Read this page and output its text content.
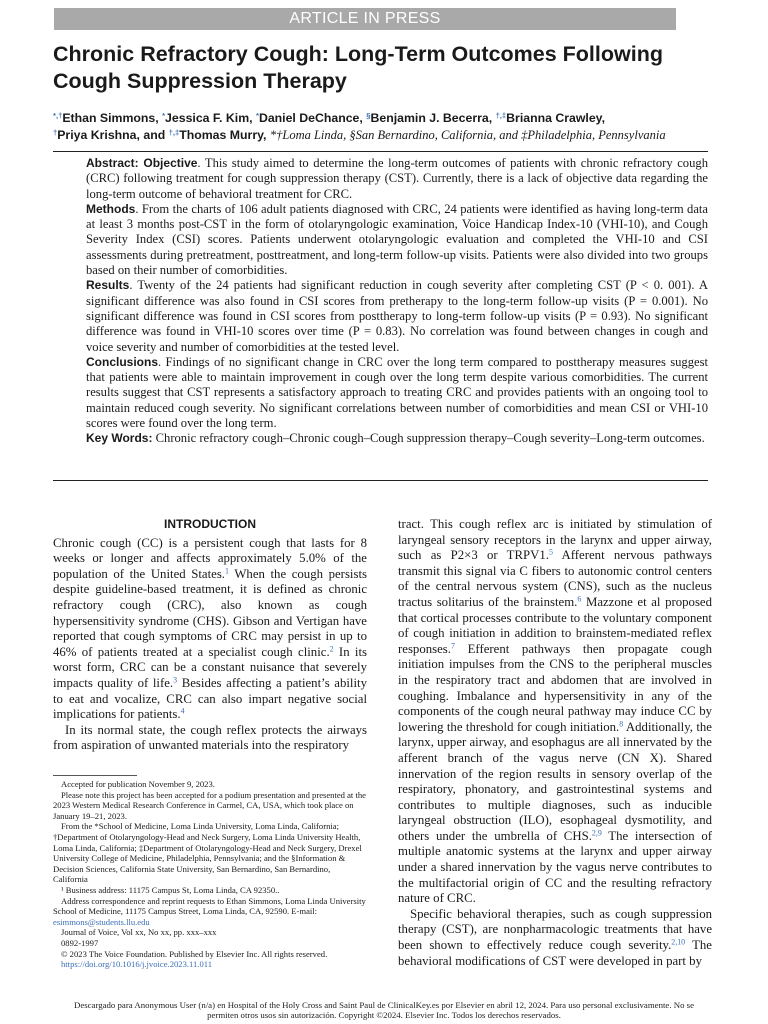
ARTICLE IN PRESS
Chronic Refractory Cough: Long-Term Outcomes Following Cough Suppression Therapy
*,†Ethan Simmons, *Jessica F. Kim, *Daniel DeChance, §Benjamin J. Becerra, †,‡Brianna Crawley,
†Priya Krishna, and †,‡Thomas Murry, *†Loma Linda, §San Bernardino, California, and ‡Philadelphia, Pennsylvania

Abstract: Objective. This study aimed to determine the long-term outcomes of patients with chronic refractory cough (CRC) following treatment for cough suppression therapy (CST). Currently, there is a lack of objective data regarding the long-term outcome of behavioral treatment for CRC.

Methods. From the charts of 106 adult patients diagnosed with CRC, 24 patients were identified as having long-term data at least 3 months post-CST in the form of otolaryngologic examination, Voice Handicap Index-10 (VHI-10), and Cough Severity Index (CSI) scores. Patients underwent otolaryngologic evaluation and completed the VHI-10 and CSI assessments during pretreatment, posttreatment, and long-term follow-up visits. Patients were also divided into two groups based on their number of comorbidities.

Results. Twenty of the 24 patients had significant reduction in cough severity after completing CST (P < 0. 001). A significant difference was also found in CSI scores from pretherapy to the long-term follow-up visits (P = 0.001). No significant difference was found in CSI scores from posttherapy to long-term follow-up visits (P = 0.93). No significant difference was found in VHI-10 scores over time (P = 0.83). No correlation was found between changes in cough and voice severity and number of comorbidities at the tested level.

Conclusions. Findings of no significant change in CRC over the long term compared to posttherapy measures suggest that patients were able to maintain improvement in cough over the long term despite various comorbidities. The current results suggest that CST represents a satisfactory approach to treating CRC and provides patients with an ongoing tool to maintain reduced cough severity. No significant correlations between number of comorbidities and mean CSI or VHI-10 scores were found over the long term.

Key Words: Chronic refractory cough–Chronic cough–Cough suppression therapy–Cough severity–Long-term outcomes.

INTRODUCTION

Chronic cough (CC) is a persistent cough that lasts for 8 weeks or longer and affects approximately 5.0% of the population of the United States.$^1$ When the cough persists despite guideline-based treatment, it is defined as chronic refractory cough (CRC), also known as cough hypersensitivity syndrome (CHS). Gibson and Vertigan have reported that cough symptoms of CRC may persist in up to 46% of patients treated at a specialist cough clinic.$^2$ In its worst form, CRC can be a constant nuisance that severely impacts quality of life.$^3$ Besides affecting a patient’s ability to eat and vocalize, CRC can also impart negative social implications for patients.$^4$

In its normal state, the cough reflex protects the airways from aspiration of unwanted materials into the respiratory

Accepted for publication November 9, 2023.

Please note this project has been accepted for a podium presentation and presented at the 2023 Western Medical Research Conference in Carmel, CA, USA, which took place on January 19–21, 2023.

From the *School of Medicine, Loma Linda University, Loma Linda, California; †Department of Otolaryngology-Head and Neck Surgery, Loma Linda University Health, Loma Linda, California; ‡Department of Otolaryngology-Head and Neck Surgery, Drexel University College of Medicine, Philadelphia, Pennsylvania; and the §Information & Decision Sciences, California State University, San Bernardino, San Bernardino, California

¹ Business address: 11175 Campus St, Loma Linda, CA 92350..

Address correspondence and reprint requests to Ethan Simmons, Loma Linda University School of Medicine, 11175 Campus Street, Loma Linda, CA, 92590. E-mail: esimmons@students.llu.edu

Journal of Voice, Vol xx, No xx, pp. xxx–xxx

0892-1997

© 2023 The Voice Foundation. Published by Elsevier Inc. All rights reserved.

https://doi.org/10.1016/j.jvoice.2023.11.011

tract. This cough reflex arc is initiated by stimulation of laryngeal sensory receptors in the larynx and upper airway, such as P2×3 or TRPV1.$^5$ Afferent nervous pathways transmit this signal via C fibers to autonomic control centers of the central nervous system (CNS), such as the nucleus tractus solitarius of the brainstem.$^6$ Mazzone et al proposed that cortical processes contribute to the voluntary component of cough initiation in addition to brainstem-mediated reflex responses.$^7$ Efferent pathways then propagate cough initiation impulses from the CNS to the peripheral muscles in the respiratory tract and abdomen that are involved in coughing. Imbalance and hypersensitivity in any of the components of the cough neural pathway may induce CC by lowering the threshold for cough initiation.$^8$ Additionally, the larynx, upper airway, and esophagus are all innervated by the afferent branch of the vagus nerve (CN X). Shared innervation of the region results in sensory overlap of the respiratory, phonatory, and gastrointestinal systems and contributes to multiple diagnoses, such as inducible laryngeal obstruction (ILO), esophageal dysmotility, and others under the umbrella of CHS.$^{2,9}$ The intersection of multiple anatomic systems at the larynx and upper airway under a shared innervation by the vagus nerve contributes to the multifactorial origin of CC and the resulting refractory nature of CRC.

Specific behavioral therapies, such as cough suppression therapy (CST), are nonpharmacologic treatments that have been shown to effectively reduce cough severity.$^{2,10}$ The behavioral modifications of CST were developed in part by

Descargado para Anonymous User (n/a) en Hospital of the Holy Cross and Saint Paul de ClinicalKey.es por Elsevier en abril 12, 2024. Para uso personal exclusivamente. No se permiten otros usos sin autorización. Copyright ©2024. Elsevier Inc. Todos los derechos reservados.
